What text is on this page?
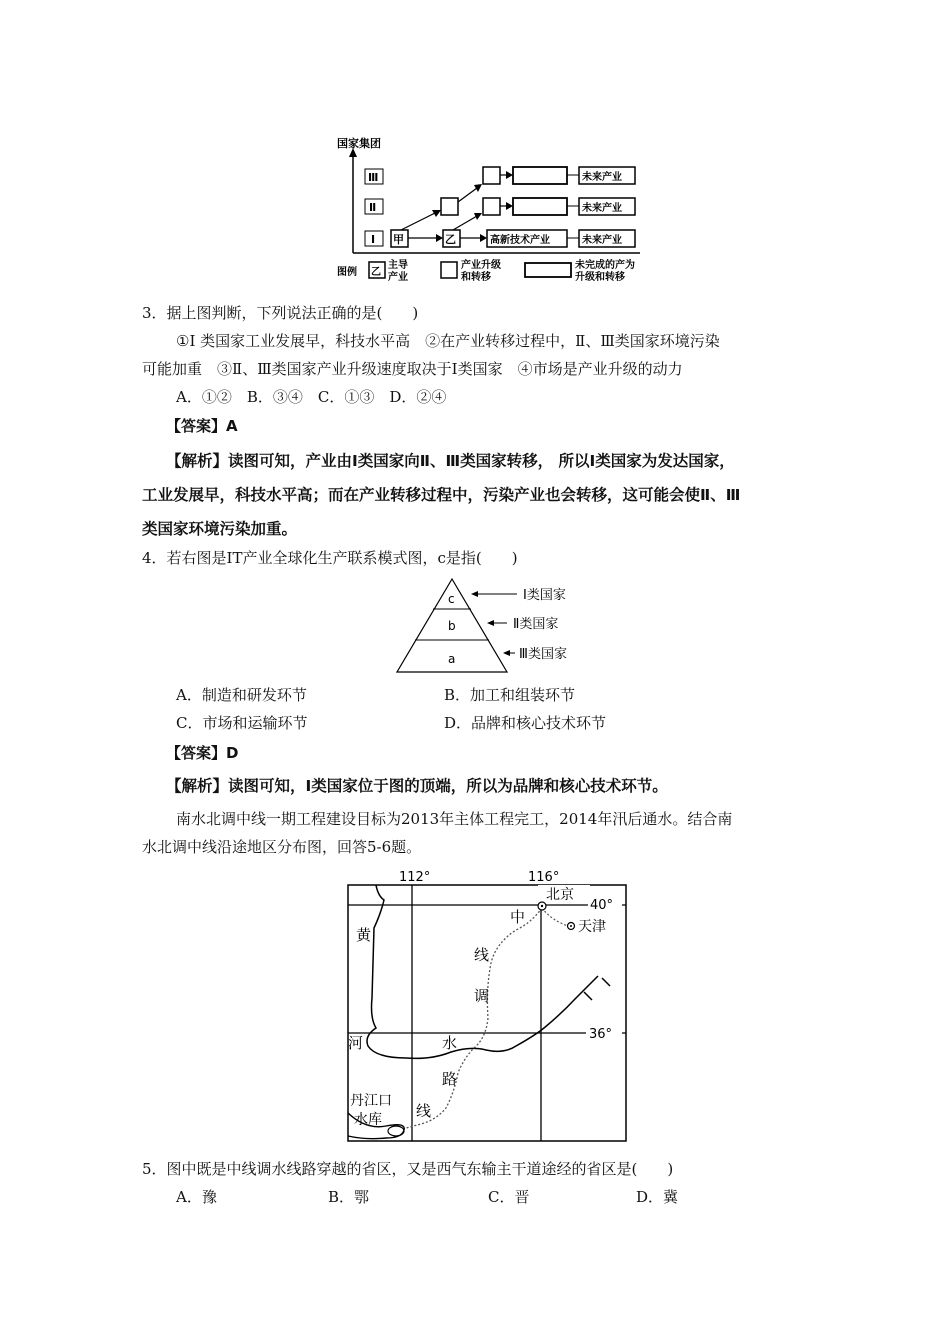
国家集团
Ⅲ
Ⅱ
Ⅰ 甲	乙	高新技术产业	未来产业
未来产业
未来产业
图例 乙
主导
产业
产业升级
和转移
未完成的产为
升级和转移
3．据上图判断，下列说法正确的是(　　)
①Ⅰ 类国家工业发展早，科技水平高　②在产业转移过程中，Ⅱ、Ⅲ类国家环境污染
可能加重　③Ⅱ、Ⅲ类国家产业升级速度取决于Ⅰ类国家　④市场是产业升级的动力
A．①②　B．③④　C．①③　D．②④
【答案】A
【解析】读图可知，产业由Ⅰ类国家向Ⅱ、Ⅲ类国家转移， 所以Ⅰ类国家为发达国家，
工业发展早，科技水平高；而在产业转移过程中，污染产业也会转移，这可能会使Ⅱ、Ⅲ
类国家环境污染加重。
4．若右图是IT产业全球化生产联系模式图，c是指(　　)
c
b
a
Ⅰ类国家
Ⅱ类国家
Ⅲ类国家
A．制造和研发环节	B．加工和组装环节
C．市场和运输环节	D．品牌和核心技术环节
【答案】D
【解析】读图可知，Ⅰ类国家位于图的顶端，所以为品牌和核心技术环节。
南水北调中线一期工程建设目标为2013年主体工程完工，2014年汛后通水。结合南
水北调中线沿途地区分布图，回答5-6题。
112°	116°
40°
36°
北京
天津
黄
河
中
线
调
水
路
线
丹江口
水库
5．图中既是中线调水线路穿越的省区，又是西气东输主干道途经的省区是(　　)
A．豫	B．鄂	C．晋	D．冀
